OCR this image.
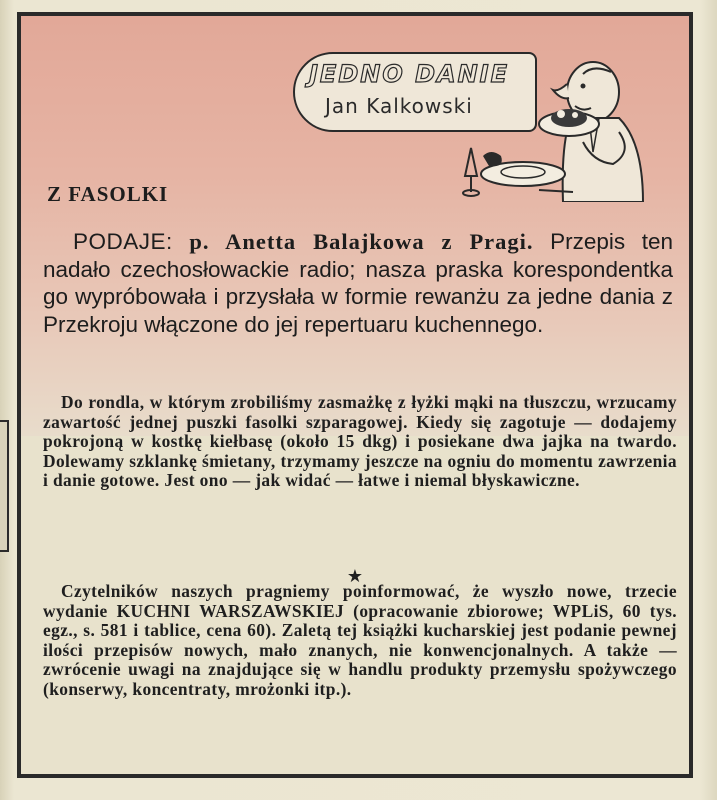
JEDNO DANIE
Jan Kalkowski
Z FASOLKI
PODAJE: p. Anetta Balajkowa z Pragi. Przepis ten nadało czechosłowackie radio; nasza praska korespondentka go wypróbowała i przysłała w formie rewanżu za jedne dania z Przekroju włączone do jej repertuaru kuchennego.
Do rondla, w którym zrobiliśmy zasmażkę z łyżki mąki na tłuszczu, wrzucamy zawartość jednej puszki fasolki szparagowej. Kiedy się zagotuje — dodajemy pokrojoną w kostkę kiełbasę (około 15 dkg) i posiekane dwa jajka na twardo. Dolewamy szklankę śmietany, trzymamy jeszcze na ogniu do momentu zawrzenia i danie gotowe. Jest ono — jak widać — łatwe i niemal błyskawiczne.
★
Czytelników naszych pragniemy poinformować, że wyszło nowe, trzecie wydanie KUCHNI WARSZAWSKIEJ (opracowanie zbiorowe; WPLiS, 60 tys. egz., s. 581 i tablice, cena 60). Zaletą tej książki kucharskiej jest podanie pewnej ilości przepisów nowych, mało znanych, nie konwencjonalnych. A także — zwrócenie uwagi na znajdujące się w handlu produkty przemysłu spożywczego (konserwy, koncentraty, mrożonki itp.).
